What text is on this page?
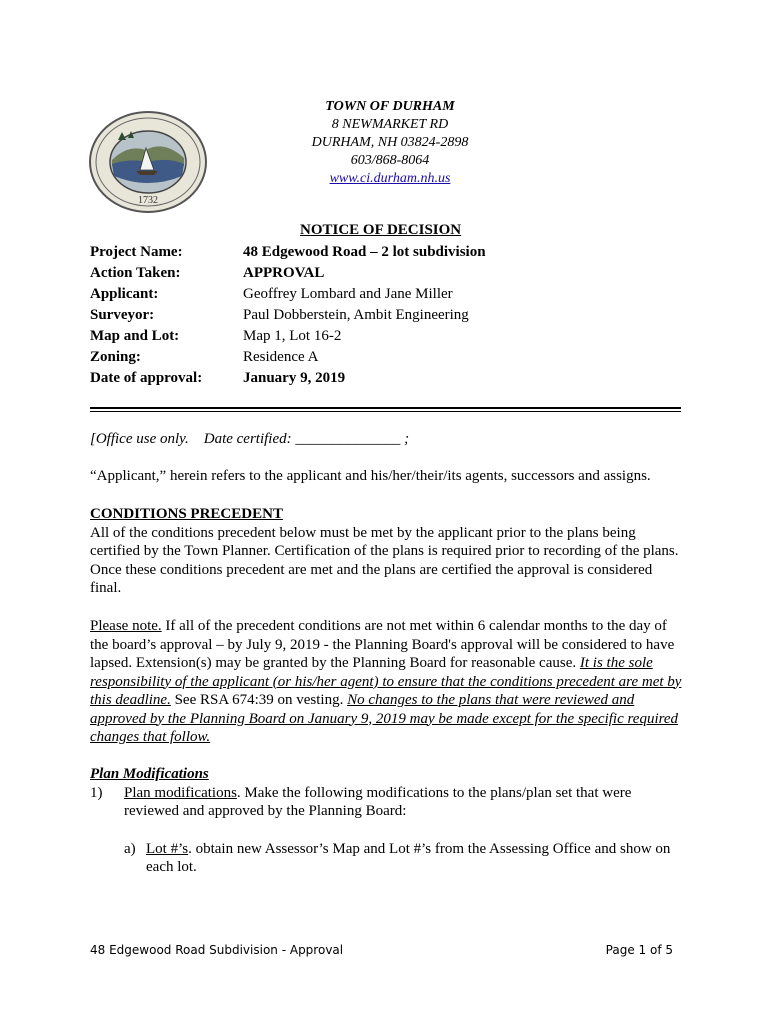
1732
TOWN OF DURHAM
8 NEWMARKET RD
DURHAM, NH 03824-2898
603/868-8064
www.ci.durham.nh.us
NOTICE OF DECISION
Project Name:	48 Edgewood Road – 2 lot subdivision
Action Taken:	APPROVAL
Applicant:	Geoffrey Lombard and Jane Miller
Surveyor:	Paul Dobberstein, Ambit Engineering
Map and Lot:	Map 1, Lot 16-2
Zoning:	Residence A
Date of approval:	January 9, 2019
[Office use only. Date certified: ______________ ;
“Applicant,” herein refers to the applicant and his/her/their/its agents, successors and assigns.
CONDITIONS PRECEDENT
All of the conditions precedent below must be met by the applicant prior to the plans being certified by the Town Planner. Certification of the plans is required prior to recording of the plans. Once these conditions precedent are met and the plans are certified the approval is considered final.
Please note. If all of the precedent conditions are not met within 6 calendar months to the day of the board’s approval – by July 9, 2019 - the Planning Board's approval will be considered to have lapsed. Extension(s) may be granted by the Planning Board for reasonable cause. It is the sole responsibility of the applicant (or his/her agent) to ensure that the conditions precedent are met by this deadline. See RSA 674:39 on vesting. No changes to the plans that were reviewed and approved by the Planning Board on January 9, 2019 may be made except for the specific required changes that follow.
Plan Modifications
1)	Plan modifications. Make the following modifications to the plans/plan set that were reviewed and approved by the Planning Board:
a) Lot #’s. obtain new Assessor’s Map and Lot #’s from the Assessing Office and show on each lot.
48 Edgewood Road Subdivision - Approval	Page 1 of 5
